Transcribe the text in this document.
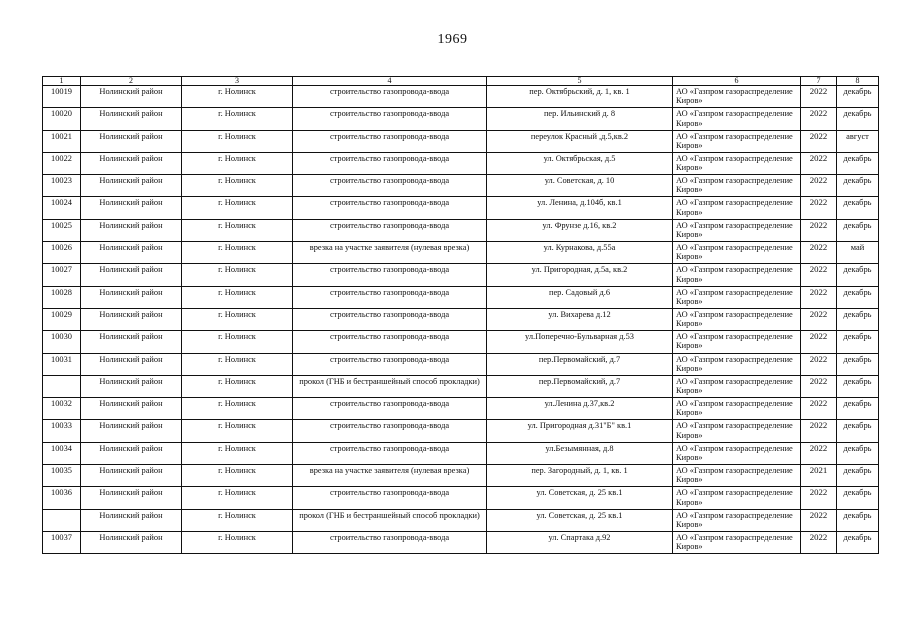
1969
1	2	3	4	5	6	7	8
10019	Нолинский район	г. Нолинск	строительство газопровода-ввода	пер. Октябрьский, д. 1, кв. 1	АО «Газпром газораспределение Киров»	2022	декабрь
10020	Нолинский район	г. Нолинск	строительство газопровода-ввода	пер. Ильинский д. 8	АО «Газпром газораспределение Киров»	2022	декабрь
10021	Нолинский район	г. Нолинск	строительство газопровода-ввода	переулок Красный ,д.5,кв.2	АО «Газпром газораспределение Киров»	2022	август
10022	Нолинский район	г. Нолинск	строительство газопровода-ввода	ул. Октябрьская, д.5	АО «Газпром газораспределение Киров»	2022	декабрь
10023	Нолинский район	г. Нолинск	строительство газопровода-ввода	ул. Советская, д. 10	АО «Газпром газораспределение Киров»	2022	декабрь
10024	Нолинский район	г. Нолинск	строительство газопровода-ввода	ул. Ленина, д.104б, кв.1	АО «Газпром газораспределение Киров»	2022	декабрь
10025	Нолинский район	г. Нолинск	строительство газопровода-ввода	ул. Фрунзе д.16, кв.2	АО «Газпром газораспределение Киров»	2022	декабрь
10026	Нолинский район	г. Нолинск	врезка на участке заявителя (нулевая врезка)	ул. Курнакова, д.55а	АО «Газпром газораспределение Киров»	2022	май
10027	Нолинский район	г. Нолинск	строительство газопровода-ввода	ул. Пригородная, д.5а, кв.2	АО «Газпром газораспределение Киров»	2022	декабрь
10028	Нолинский район	г. Нолинск	строительство газопровода-ввода	пер. Садовый д.6	АО «Газпром газораспределение Киров»	2022	декабрь
10029	Нолинский район	г. Нолинск	строительство газопровода-ввода	ул. Вихарева д.12	АО «Газпром газораспределение Киров»	2022	декабрь
10030	Нолинский район	г. Нолинск	строительство газопровода-ввода	ул.Поперечно-Бульварная д.53	АО «Газпром газораспределение Киров»	2022	декабрь
10031	Нолинский район	г. Нолинск	строительство газопровода-ввода	пер.Первомайский, д.7	АО «Газпром газораспределение Киров»	2022	декабрь
	Нолинский район	г. Нолинск	прокол (ГНБ и бестраншейный способ прокладки)	пер.Первомайский, д.7	АО «Газпром газораспределение Киров»	2022	декабрь
10032	Нолинский район	г. Нолинск	строительство газопровода-ввода	ул.Ленина д.37,кв.2	АО «Газпром газораспределение Киров»	2022	декабрь
10033	Нолинский район	г. Нолинск	строительство газопровода-ввода	ул. Пригородная д.31"Б" кв.1	АО «Газпром газораспределение Киров»	2022	декабрь
10034	Нолинский район	г. Нолинск	строительство газопровода-ввода	ул.Безымянная, д.8	АО «Газпром газораспределение Киров»	2022	декабрь
10035	Нолинский район	г. Нолинск	врезка на участке заявителя (нулевая врезка)	пер. Загородный, д. 1, кв. 1	АО «Газпром газораспределение Киров»	2021	декабрь
10036	Нолинский район	г. Нолинск	строительство газопровода-ввода	ул. Советская, д. 25 кв.1	АО «Газпром газораспределение Киров»	2022	декабрь
	Нолинский район	г. Нолинск	прокол (ГНБ и бестраншейный способ прокладки)	ул. Советская, д. 25 кв.1	АО «Газпром газораспределение Киров»	2022	декабрь
10037	Нолинский район	г. Нолинск	строительство газопровода-ввода	ул. Спартака д.92	АО «Газпром газораспределение Киров»	2022	декабрь
